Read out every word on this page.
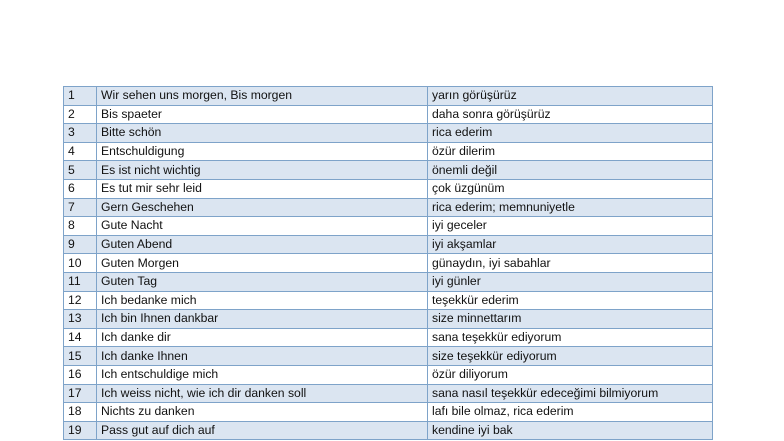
1	Wir sehen uns morgen, Bis morgen	yarın görüşürüz
2	Bis spaeter	daha sonra görüşürüz
3	Bitte schön	rica ederim
4	Entschuldigung	özür dilerim
5	Es ist nicht wichtig	önemli değil
6	Es tut mir sehr leid	çok üzgünüm
7	Gern Geschehen	rica ederim; memnuniyetle
8	Gute Nacht	iyi geceler
9	Guten Abend	iyi akşamlar
10	Guten Morgen	günaydın, iyi sabahlar
11	Guten Tag	iyi günler
12	Ich bedanke mich	teşekkür ederim
13	Ich bin Ihnen dankbar	size minnettarım
14	Ich danke dir	sana teşekkür ediyorum
15	Ich danke Ihnen	size teşekkür ediyorum
16	Ich entschuldige mich	özür diliyorum
17	Ich weiss nicht, wie ich dir danken soll	sana nasıl teşekkür edeceğimi bilmiyorum
18	Nichts zu danken	lafı bile olmaz, rica ederim
19	Pass gut auf dich auf	kendine iyi bak
